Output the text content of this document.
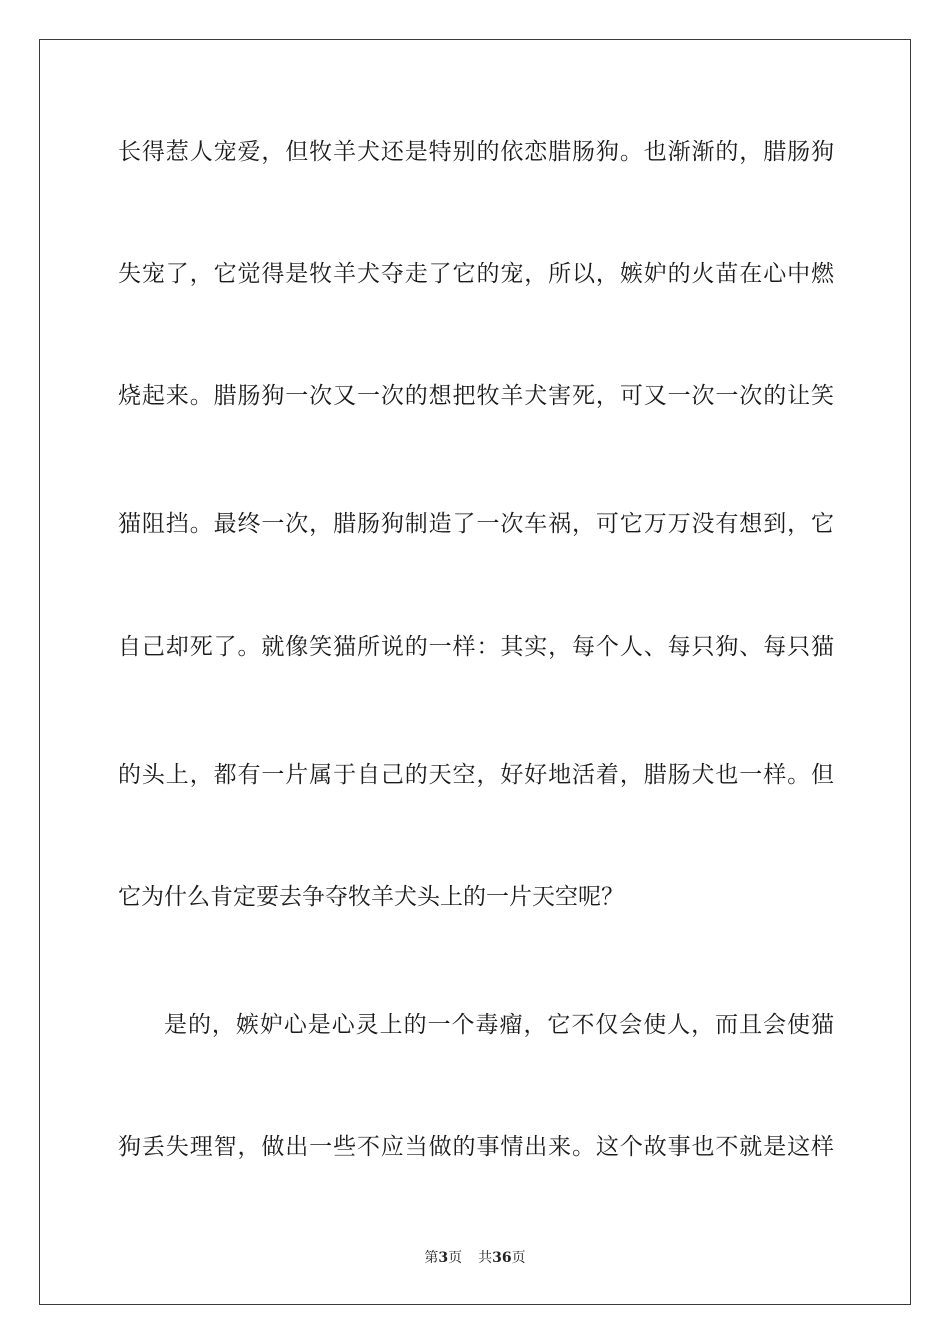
长得惹人宠爱，但牧羊犬还是特别的依恋腊肠狗。也渐渐的，腊肠狗
失宠了，它觉得是牧羊犬夺走了它的宠，所以，嫉妒的火苗在心中燃
烧起来。腊肠狗一次又一次的想把牧羊犬害死，可又一次一次的让笑
猫阻挡。最终一次，腊肠狗制造了一次车祸，可它万万没有想到，它
自己却死了。就像笑猫所说的一样：其实，每个人、每只狗、每只猫
的头上，都有一片属于自己的天空，好好地活着，腊肠犬也一样。但
它为什么肯定要去争夺牧羊犬头上的一片天空呢？
是的，嫉妒心是心灵上的一个毒瘤，它不仅会使人，而且会使猫
狗丢失理智，做出一些不应当做的事情出来。这个故事也不就是这样
第3页 共36页
